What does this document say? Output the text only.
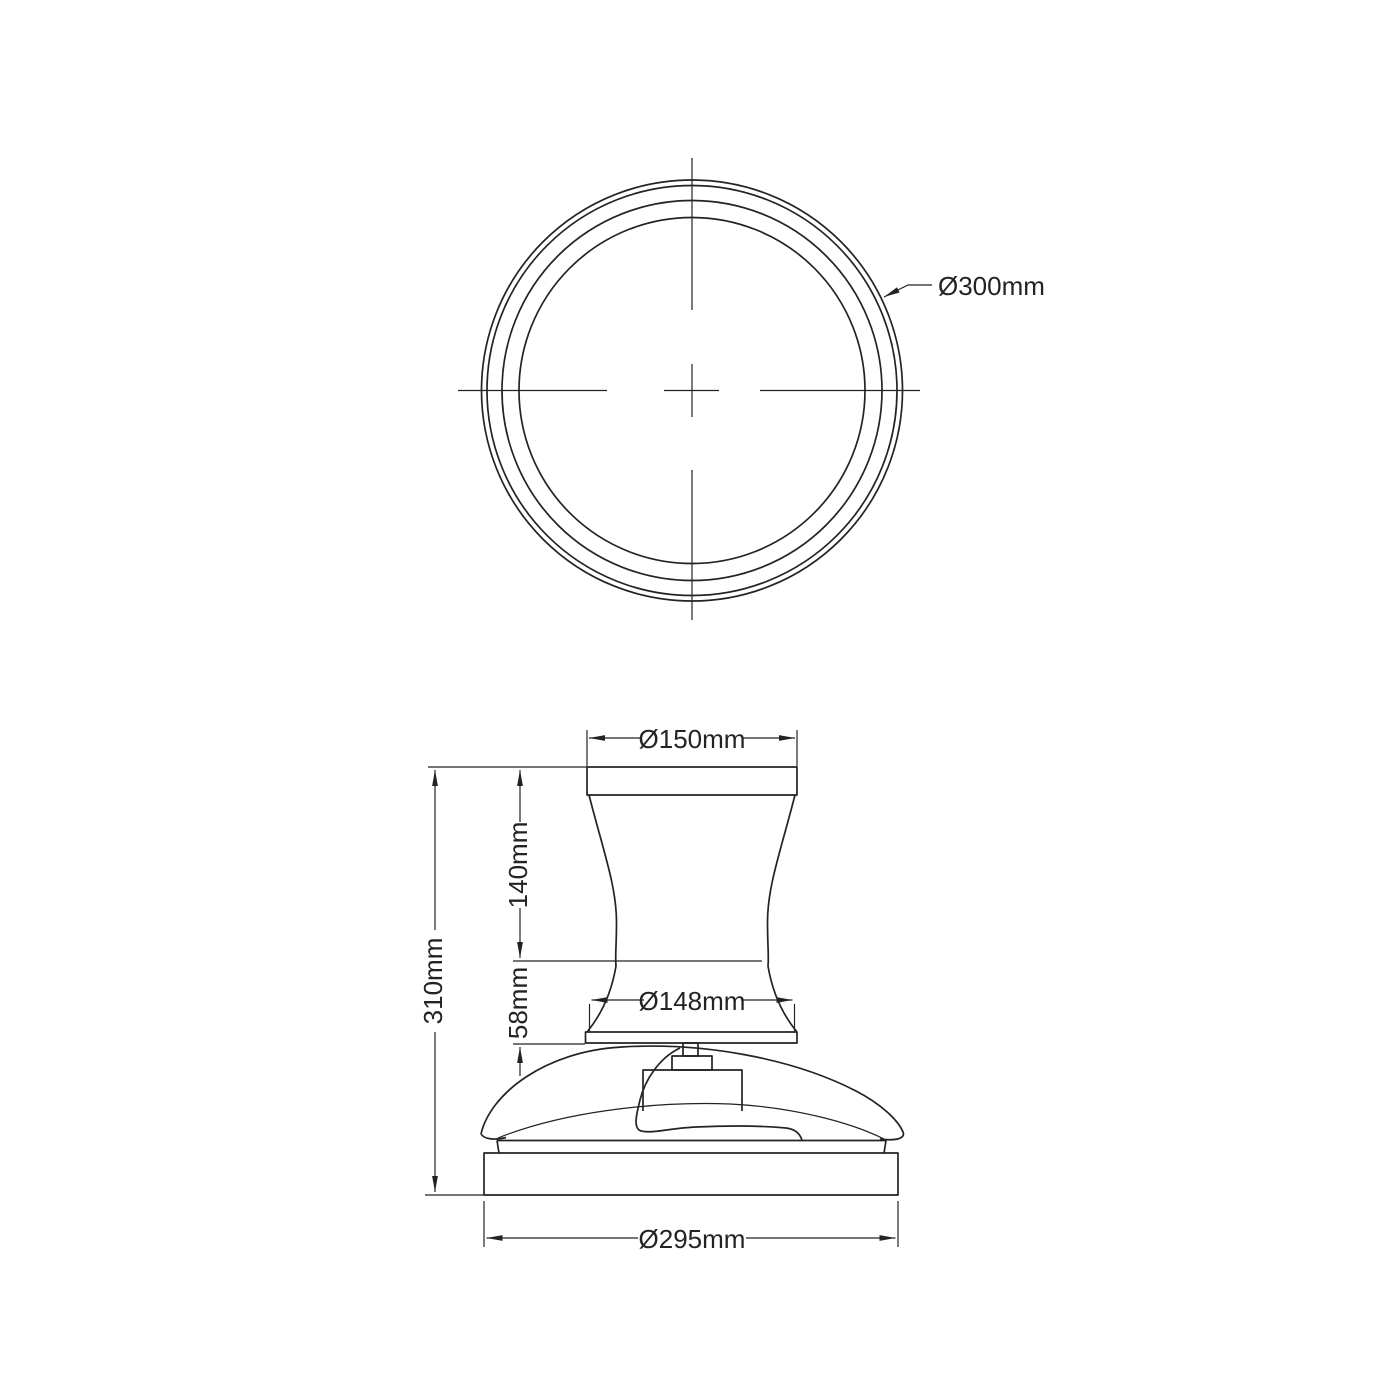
Ø300mm
Ø150mm
310mm
140mm
58mm	Ø148mm
Ø295mm
